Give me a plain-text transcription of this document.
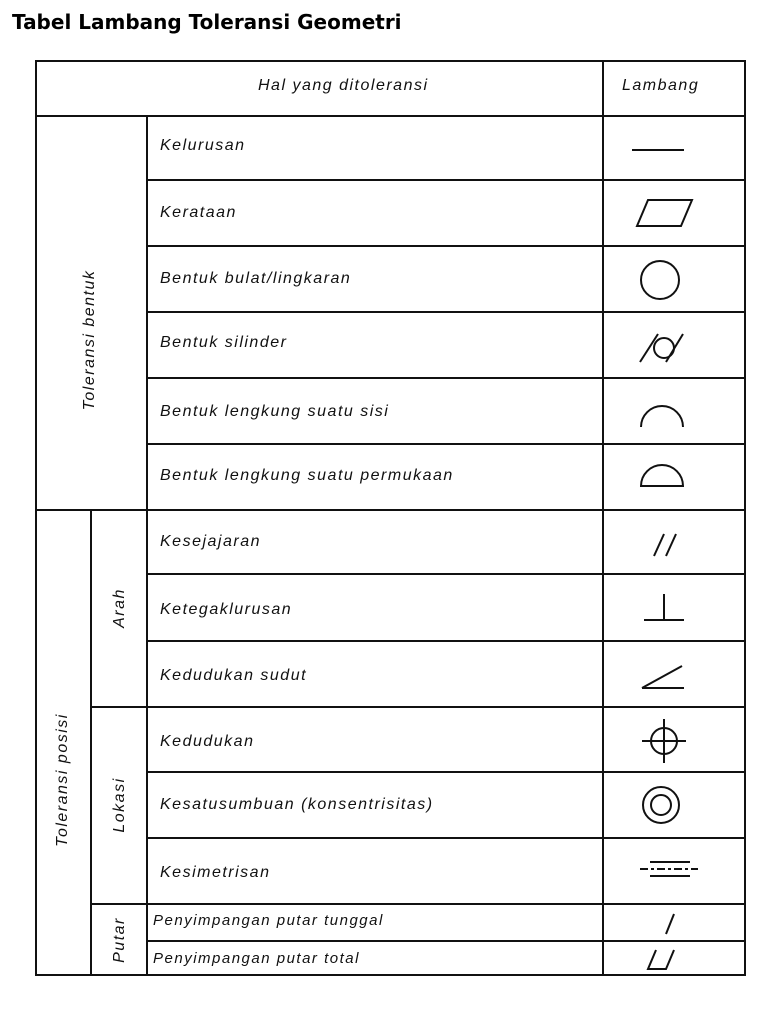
Tabel Lambang Toleransi Geometri
Hal yang ditoleransi	Lambang
Toleransi bentuk
Toleransi posisi
Arah
Lokasi
Putar
Kelurusan
Kerataan
Bentuk bulat/lingkaran
Bentuk silinder
Bentuk lengkung suatu sisi
Bentuk lengkung suatu permukaan
Kesejajaran
Ketegaklurusan
Kedudukan sudut
Kedudukan
Kesatusumbuan (konsentrisitas)
Kesimetrisan
Penyimpangan putar tunggal
Penyimpangan putar total
